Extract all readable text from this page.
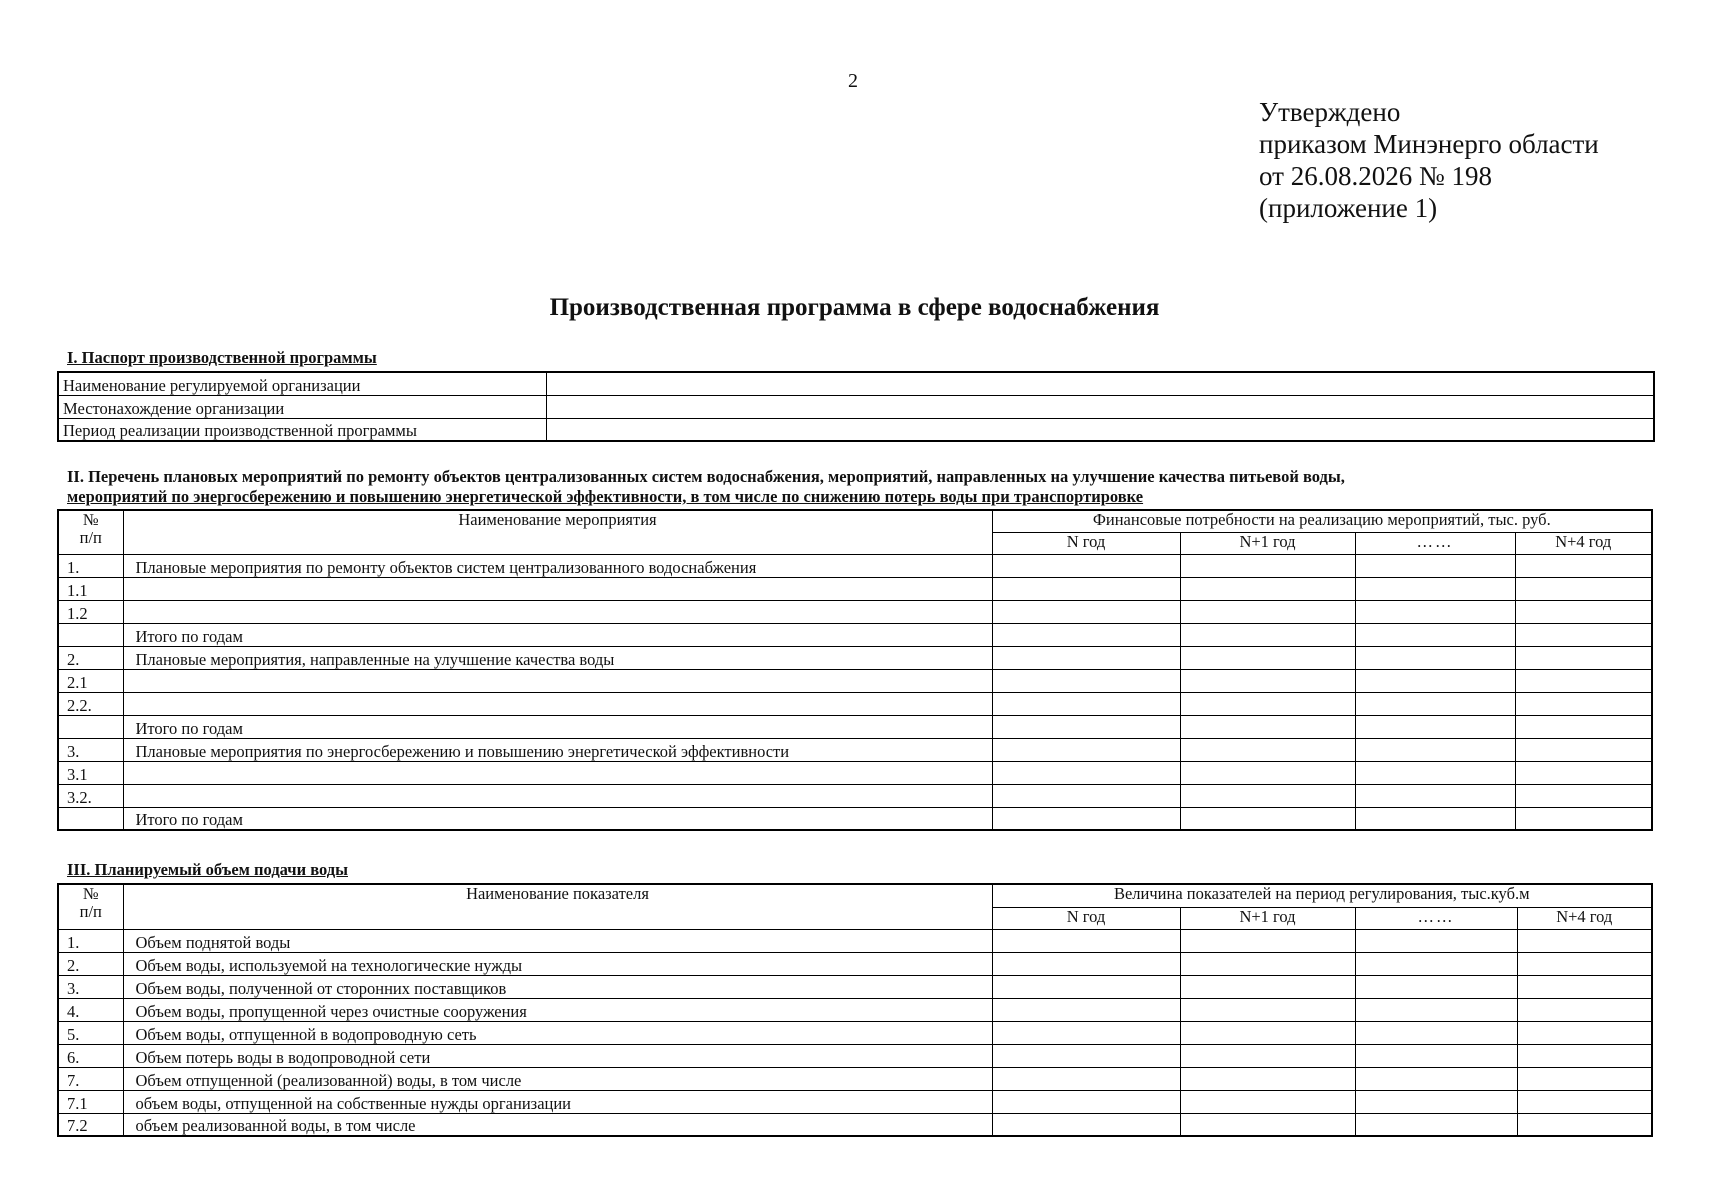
2
Утверждено
приказом Минэнерго области
от 26.08.2026 № 198
(приложение 1)
Производственная программа в сфере водоснабжения
I. Паспорт производственной программы
Наименование регулируемой организации	
Местонахождение организации	
Период реализации производственной программы	
II. Перечень плановых мероприятий по ремонту объектов централизованных систем водоснабжения, мероприятий, направленных на улучшение качества питьевой воды,
мероприятий по энергосбережению и повышению энергетической эффективности, в том числе по снижению потерь воды при транспортировке
№
п/п	Наименование мероприятия	Финансовые потребности на реализацию мероприятий, тыс. руб.			
		N год	N+1 год	……	N+4 год
1.	Плановые мероприятия по ремонту объектов систем централизованного водоснабжения				
1.1					
1.2					
	Итого по годам				
2.	Плановые мероприятия, направленные на улучшение качества воды				
2.1					
2.2.					
	Итого по годам				
3.	Плановые мероприятия по энергосбережению и повышению энергетической эффективности				
3.1					
3.2.					
	Итого по годам				
III. Планируемый объем подачи воды
№
п/п	Наименование показателя	Величина показателей на период регулирования, тыс.куб.м			
		N год	N+1 год	……	N+4 год
1.	Объем поднятой воды				
2.	Объем воды, используемой на технологические нужды				
3.	Объем воды, полученной от сторонних поставщиков				
4.	Объем воды, пропущенной через очистные сооружения				
5.	Объем воды, отпущенной в водопроводную сеть				
6.	Объем потерь воды в водопроводной сети				
7.	Объем отпущенной (реализованной) воды, в том числе				
7.1	объем воды, отпущенной на собственные нужды организации				
7.2	объем реализованной воды, в том числе				
